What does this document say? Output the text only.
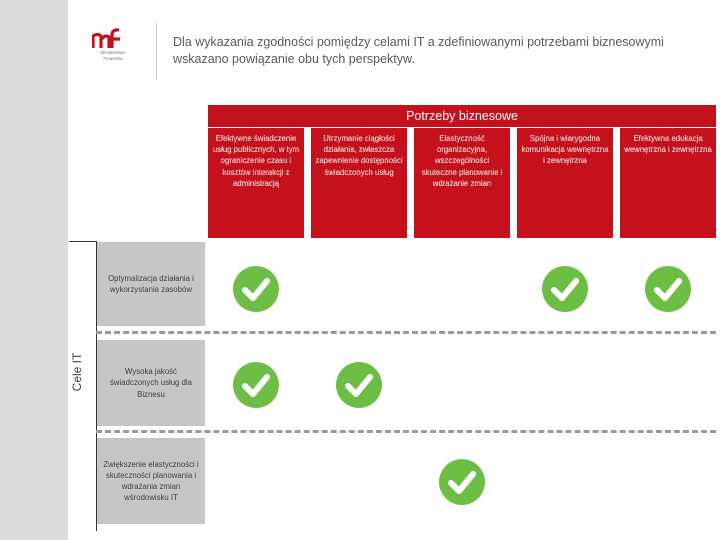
Ministerstwo
Finansów
Dla wykazania zgodności pomiędzy celami IT a zdefiniowanymi potrzebami biznesowymi wskazano powiązanie obu tych perspektyw.
Potrzeby biznesowe
Efektywne świadczenie usług publicznych, w tym ograniczenie czasu i kosztów interakcji z administracją
Utrzymanie ciągłości działania, zwłaszcza zapewnienie dostępności świadczonych usług
Elastyczność organizacyjna, wszczególności skuteczne planowanie i wdrażanie zmian
Spójna i wiarygodna komunikacja wewnętrzna i zewnętrzna
Efektywna edukacja wewnętrzna i zewnętrzna
Cele IT
Optymalizacja działania i wykorzystania zasobów
Wysoka jakość świadczonych usług dla Biznesu
Zwiększenie elastyczności i skuteczności planowania i wdrażania zmian wśrodowisku IT
